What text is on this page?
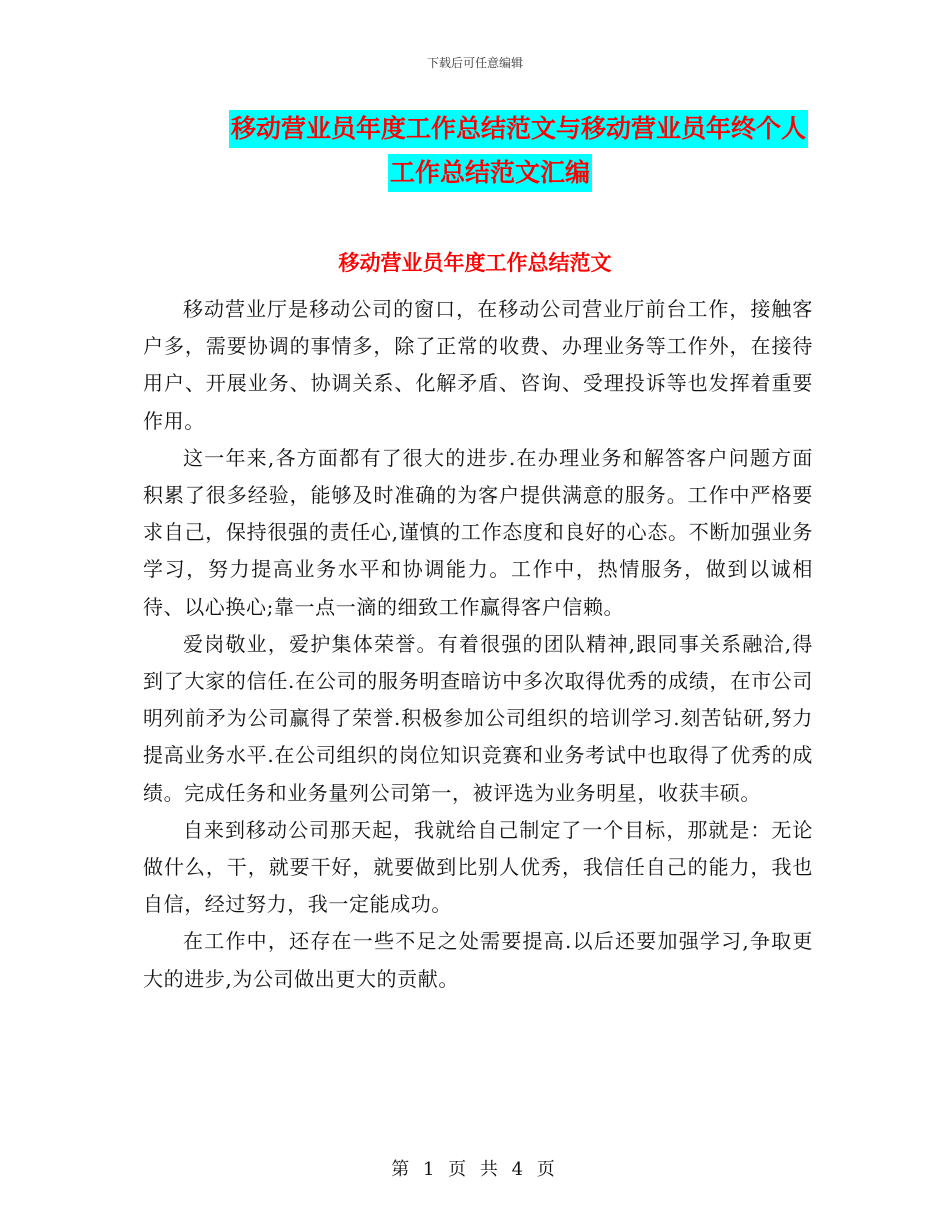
下载后可任意编辑
移动营业员年度工作总结范文与移动营业员年终个人
工作总结范文汇编
移动营业员年度工作总结范文

移动营业厅是移动公司的窗口，在移动公司营业厅前台工作，接触客户多，需要协调的事情多，除了正常的收费、办理业务等工作外，在接待用户、开展业务、协调关系、化解矛盾、咨询、受理投诉等也发挥着重要作用。

这一年来,各方面都有了很大的进步.在办理业务和解答客户问题方面积累了很多经验，能够及时准确的为客户提供满意的服务。工作中严格要求自己，保持很强的责任心,谨慎的工作态度和良好的心态。不断加强业务学习，努力提高业务水平和协调能力。工作中，热情服务，做到以诚相待、以心换心;靠一点一滴的细致工作赢得客户信赖。

爱岗敬业，爱护集体荣誉。有着很强的团队精神,跟同事关系融洽,得到了大家的信任.在公司的服务明查暗访中多次取得优秀的成绩，在市公司明列前矛为公司赢得了荣誉.积极参加公司组织的培训学习.刻苦钻研,努力提高业务水平.在公司组织的岗位知识竞赛和业务考试中也取得了优秀的成绩。完成任务和业务量列公司第一，被评选为业务明星，收获丰硕。

自来到移动公司那天起，我就给自己制定了一个目标，那就是：无论做什么，干，就要干好，就要做到比别人优秀，我信任自己的能力，我也自信，经过努力，我一定能成功。

在工作中，还存在一些不足之处需要提高.以后还要加强学习,争取更大的进步,为公司做出更大的贡献。

第 1 页 共 4 页
